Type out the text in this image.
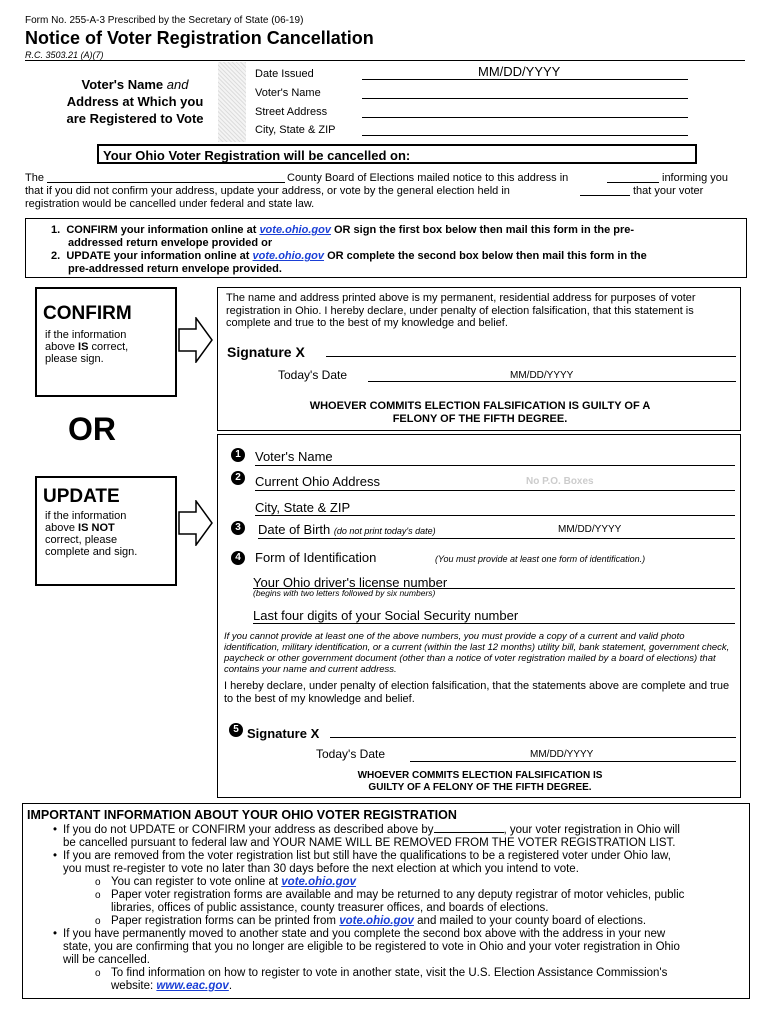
Form No. 255-A-3 Prescribed by the Secretary of State (06-19)
Notice of Voter Registration Cancellation
R.C. 3503.21 (A)(7)
Voter's Name and
Address at Which you
are Registered to Vote
Date Issued	MM/DD/YYYY
Voter's Name
Street Address
City, State & ZIP
Your Ohio Voter Registration will be cancelled on:
The	County Board of Elections mailed notice to this address in	informing you
that if you did not confirm your address, update your address, or vote by the general election held in	that your voter
registration would be cancelled under federal and state law.
1. CONFIRM your information online at vote.ohio.gov OR sign the first box below then mail this form in the pre-
addressed return envelope provided or
2. UPDATE your information online at vote.ohio.gov OR complete the second box below then mail this form in the
pre-addressed return envelope provided.
CONFIRM
if the information
above IS correct,
please sign.
The name and address printed above is my permanent, residential address for purposes of voter registration in Ohio. I hereby declare, under penalty of election falsification, that this statement is complete and true to the best of my knowledge and belief.
Signature X
Today's Date	MM/DD/YYYY
WHOEVER COMMITS ELECTION FALSIFICATION IS GUILTY OF A
FELONY OF THE FIFTH DEGREE.
OR
UPDATE
if the information
above IS NOT
correct, please
complete and sign.
1	Voter's Name
2	Current Ohio Address	No P.O. Boxes
City, State & ZIP
3	Date of Birth (do not print today's date)	MM/DD/YYYY
4	Form of Identification	(You must provide at least one form of identification.)
Your Ohio driver's license number
(begins with two letters followed by six numbers)
Last four digits of your Social Security number
If you cannot provide at least one of the above numbers, you must provide a copy of a current and valid photo identification, military identification, or a current (within the last 12 months) utility bill, bank statement, government check, paycheck or other government document (other than a notice of voter registration mailed by a board of elections) that contains your name and current address.
I hereby declare, under penalty of election falsification, that the statements above are complete and true to the best of my knowledge and belief.
5 Signature X
Today's Date	MM/DD/YYYY
WHOEVER COMMITS ELECTION FALSIFICATION IS
GUILTY OF A FELONY OF THE FIFTH DEGREE.
IMPORTANT INFORMATION ABOUT YOUR OHIO VOTER REGISTRATION
• If you do not UPDATE or CONFIRM your address as described above by	, your voter registration in Ohio will
be cancelled pursuant to federal law and YOUR NAME WILL BE REMOVED FROM THE VOTER REGISTRATION LIST.
• If you are removed from the voter registration list but still have the qualifications to be a registered voter under Ohio law,
you must re-register to vote no later than 30 days before the next election at which you intend to vote.
o You can register to vote online at vote.ohio.gov
o Paper voter registration forms are available and may be returned to any deputy registrar of motor vehicles, public
libraries, offices of public assistance, county treasurer offices, and boards of elections.
o Paper registration forms can be printed from vote.ohio.gov and mailed to your county board of elections.
• If you have permanently moved to another state and you complete the second box above with the address in your new
state, you are confirming that you no longer are eligible to be registered to vote in Ohio and your voter registration in Ohio
will be cancelled.
o To find information on how to register to vote in another state, visit the U.S. Election Assistance Commission's
website: www.eac.gov.
